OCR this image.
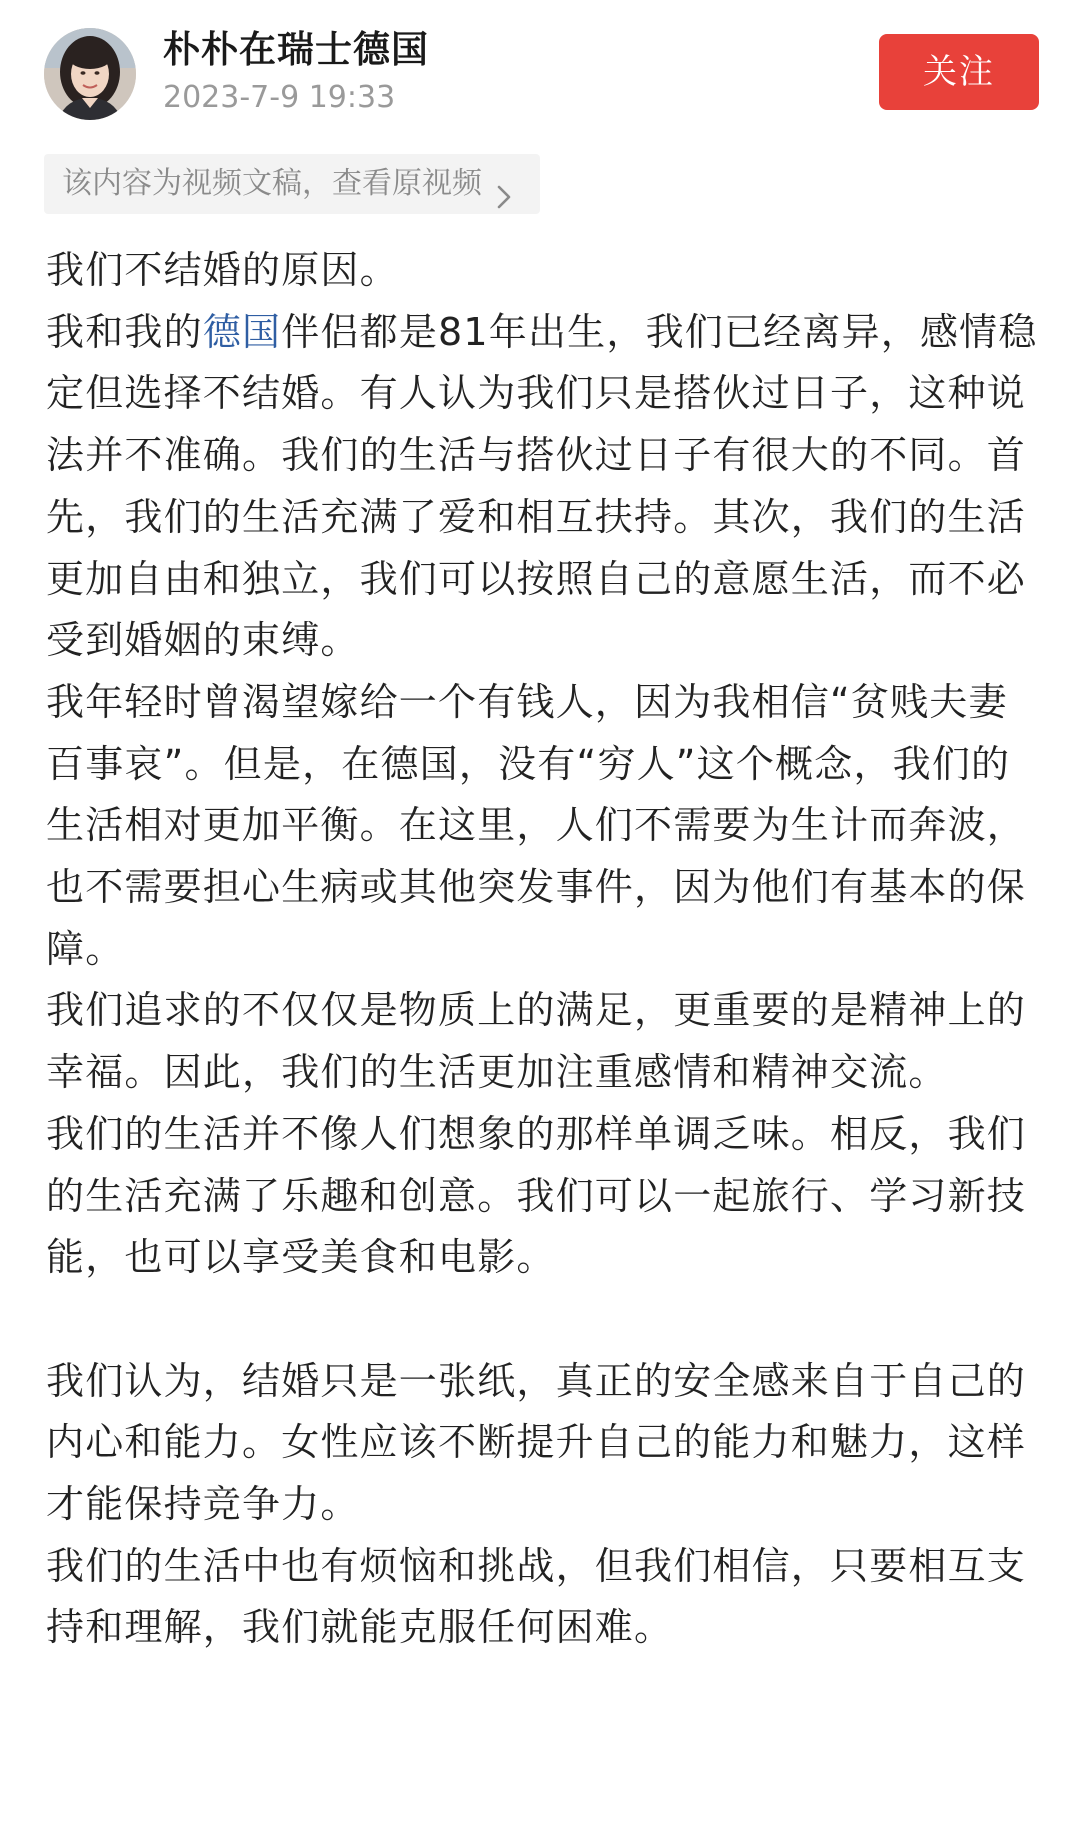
朴朴在瑞士德国
2023-7-9 19:33
关注
该内容为视频文稿，查看原视频

我们不结婚的原因。

我和我的德国伴侣都是81年出生，我们已经离异，感情稳定但选择不结婚。有人认为我们只是搭伙过日子，这种说法并不准确。我们的生活与搭伙过日子有很大的不同。首先，我们的生活充满了爱和相互扶持。其次，我们的生活更加自由和独立，我们可以按照自己的意愿生活，而不必受到婚姻的束缚。

我年轻时曾渴望嫁给一个有钱人，因为我相信“贫贱夫妻百事哀”。但是，在德国，没有“穷人”这个概念，我们的生活相对更加平衡。在这里，人们不需要为生计而奔波，也不需要担心生病或其他突发事件，因为他们有基本的保障。

我们追求的不仅仅是物质上的满足，更重要的是精神上的幸福。因此，我们的生活更加注重感情和精神交流。

我们的生活并不像人们想象的那样单调乏味。相反，我们的生活充满了乐趣和创意。我们可以一起旅行、学习新技能，也可以享受美食和电影。

我们认为，结婚只是一张纸，真正的安全感来自于自己的内心和能力。女性应该不断提升自己的能力和魅力，这样才能保持竞争力。

我们的生活中也有烦恼和挑战，但我们相信，只要相互支持和理解，我们就能克服任何困难。
